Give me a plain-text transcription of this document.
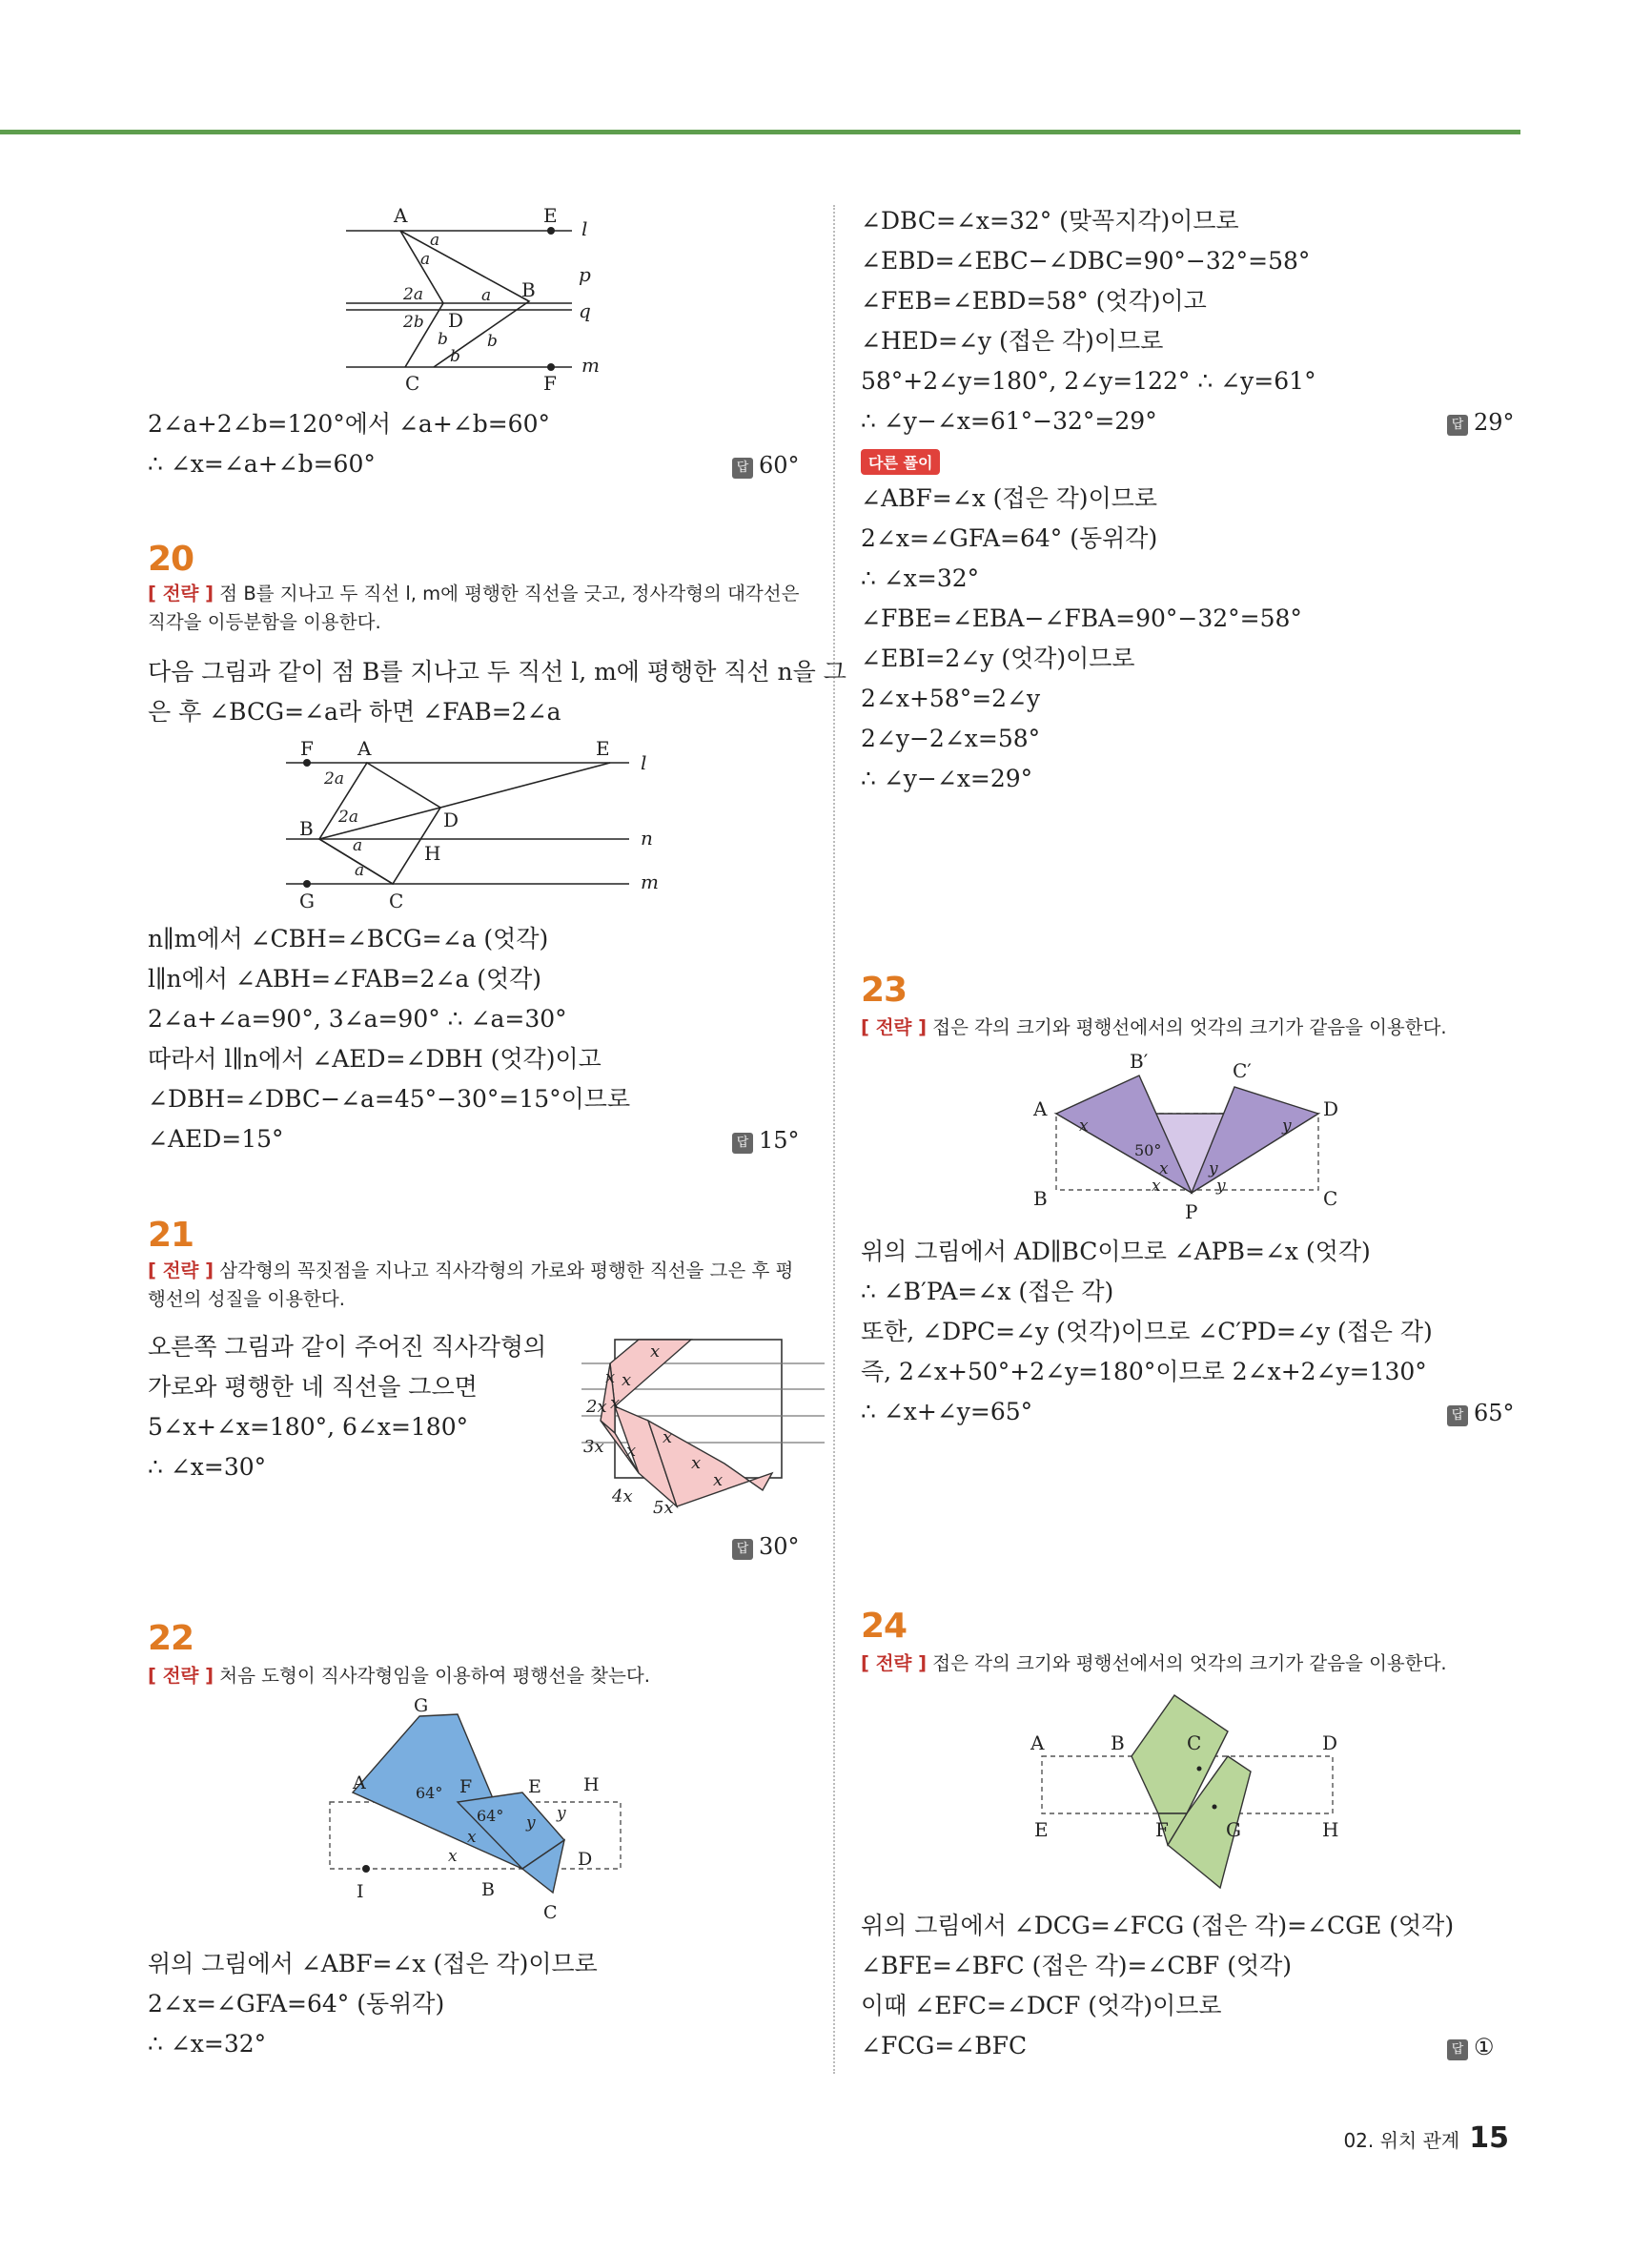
A	E
l
a
a
p
2a	a B
q
2b D
b b
b
C	F
m
2∠a+2∠b=120°에서 ∠a+∠b=60°
∴ ∠x=∠a+∠b=60°	답 60°
20
[ 전략 ] 점 B를 지나고 두 직선 l, m에 평행한 직선을 긋고, 정사각형의 대각선은 직각을 이등분함을 이용한다.
다음 그림과 같이 점 B를 지나고 두 직선 l, m에 평행한 직선 n을 그
은 후 ∠BCG=∠a라 하면 ∠FAB=2∠a
F A	E
l
2a
B 2a	D
n
a	H
a
G	C
m
n∥m에서 ∠CBH=∠BCG=∠a (엇각)
l∥n에서 ∠ABH=∠FAB=2∠a (엇각)
2∠a+∠a=90°, 3∠a=90° ∴ ∠a=30°
따라서 l∥n에서 ∠AED=∠DBH (엇각)이고
∠DBH=∠DBC−∠a=45°−30°=15°이므로
∠AED=15°	답 15°
21
[ 전략 ] 삼각형의 꼭짓점을 지나고 직사각형의 가로와 평행한 직선을 그은 후 평행선의 성질을 이용한다.
오른쪽 그림과 같이 주어진 직사각형의
가로와 평행한 네 직선을 그으면
5∠x+∠x=180°, 6∠x=180°
∴ ∠x=30°
x
x x
2x x
x
3x x
x
4x
5x
x
답 30°
22
[ 전략 ] 처음 도형이 직사각형임을 이용하여 평행선을 찾는다.
G
A	64° F	E H
64° y y
x
x	D
I	B
C
위의 그림에서 ∠ABF=∠x (접은 각)이므로
2∠x=∠GFA=64° (동위각)
∴ ∠x=32°
∠DBC=∠x=32° (맞꼭지각)이므로
∠EBD=∠EBC−∠DBC=90°−32°=58°
∠FEB=∠EBD=58° (엇각)이고
∠HED=∠y (접은 각)이므로
58°+2∠y=180°, 2∠y=122° ∴ ∠y=61°
∴ ∠y−∠x=61°−32°=29°	답 29°
다른 풀이
∠ABF=∠x (접은 각)이므로
2∠x=∠GFA=64° (동위각)
∴ ∠x=32°
∠FBE=∠EBA−∠FBA=90°−32°=58°
∠EBI=2∠y (엇각)이므로
2∠x+58°=2∠y
2∠y−2∠x=58°
∴ ∠y−∠x=29°
23
[ 전략 ] 접은 각의 크기와 평행선에서의 엇각의 크기가 같음을 이용한다.
B′	C′
A
x	y
D
50°
x y
x	y
B
P
C
위의 그림에서 AD∥BC이므로 ∠APB=∠x (엇각)
∴ ∠B′PA=∠x (접은 각)
또한, ∠DPC=∠y (엇각)이므로 ∠C′PD=∠y (접은 각)
즉, 2∠x+50°+2∠y=180°이므로 2∠x+2∠y=130°
∴ ∠x+∠y=65°	답 65°
24
[ 전략 ] 접은 각의 크기와 평행선에서의 엇각의 크기가 같음을 이용한다.
A	B	C	D
E	F	G	H
위의 그림에서 ∠DCG=∠FCG (접은 각)=∠CGE (엇각)
∠BFE=∠BFC (접은 각)=∠CBF (엇각)
이때 ∠EFC=∠DCF (엇각)이므로
∠FCG=∠BFC	답 ①
02. 위치 관계 15
